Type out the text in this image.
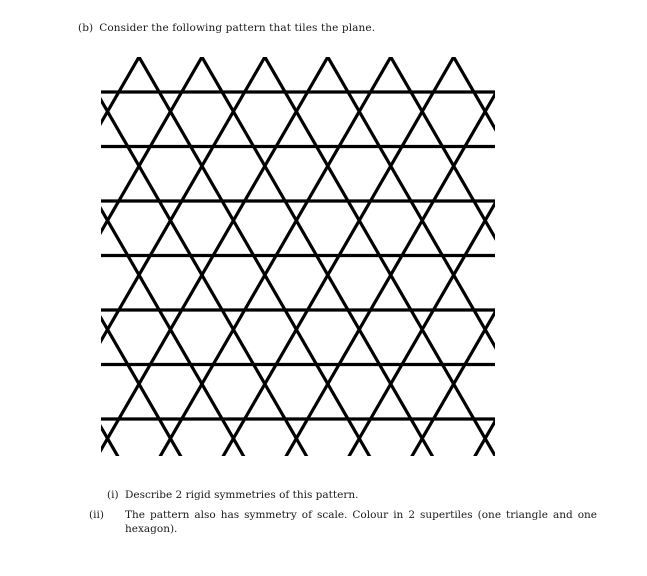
(b) Consider the following pattern that tiles the plane.
(i) Describe 2 rigid symmetries of this pattern.
(ii) The pattern also has symmetry of scale. Colour in 2 supertiles (one triangle and one hexagon).
